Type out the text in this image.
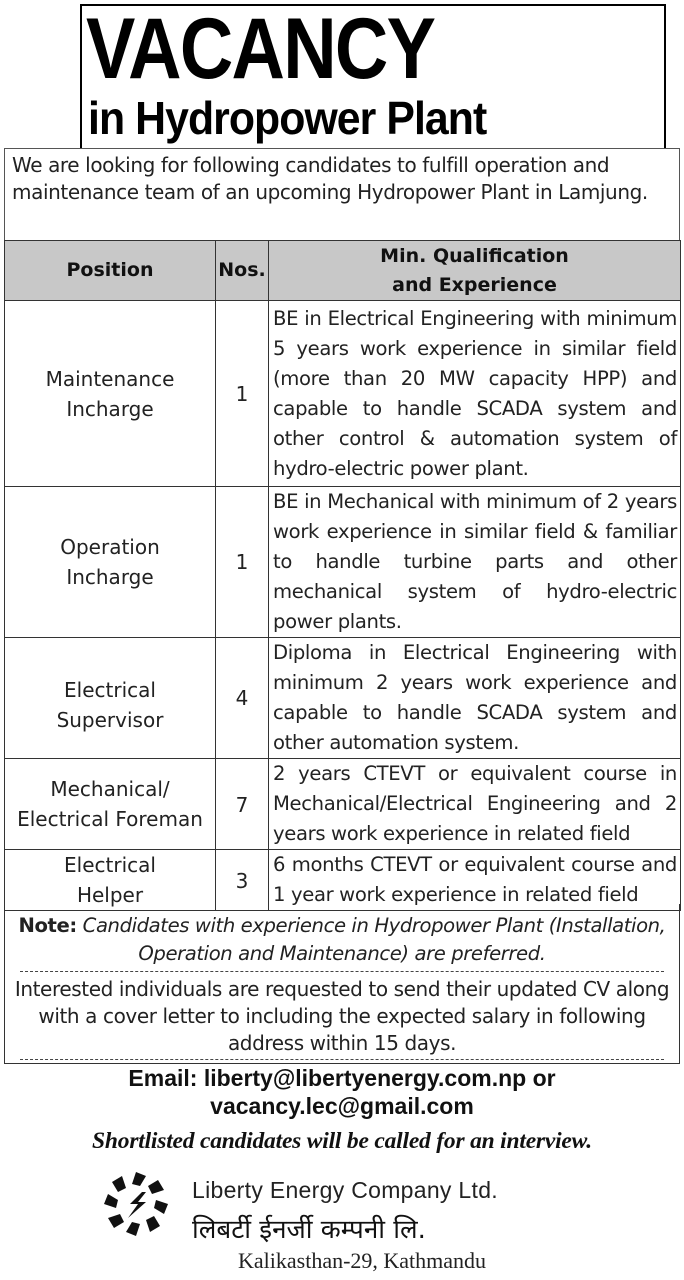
VACANCY
in Hydropower Plant

We are looking for following candidates to fulfill operation and maintenance team of an upcoming Hydropower Plant in Lamjung.

Position	Nos.	Min. Qualification
and Experience
Maintenance
Incharge	1	BE in Electrical Engineering with minimum 5 years work experience in similar field (more than 20 MW capacity HPP) and capable to handle SCADA system and other control & automation system of hydro-electric power plant.
Operation
Incharge	1	BE in Mechanical with minimum of 2 years work experience in similar field & familiar to handle turbine parts and other mechanical system of hydro-electric power plants.
Electrical
Supervisor	4	Diploma in Electrical Engineering with minimum 2 years work experience and capable to handle SCADA system and other automation system.
Mechanical/
Electrical Foreman	7	2 years CTEVT or equivalent course in Mechanical/Electrical Engineering and 2 years work experience in related field
Electrical
Helper	3	6 months CTEVT or equivalent course and 1 year work experience in related field

Note: Candidates with experience in Hydropower Plant (Installation, Operation and Maintenance) are preferred.

Interested individuals are requested to send their updated CV along with a cover letter to including the expected salary in following address within 15 days.

Email: liberty@libertyenergy.com.np or
vacancy.lec@gmail.com
Shortlisted candidates will be called for an interview.
Liberty Energy Company Ltd.
लिबर्टी ईनर्जी कम्पनी लि.
Kalikasthan-29, Kathmandu
